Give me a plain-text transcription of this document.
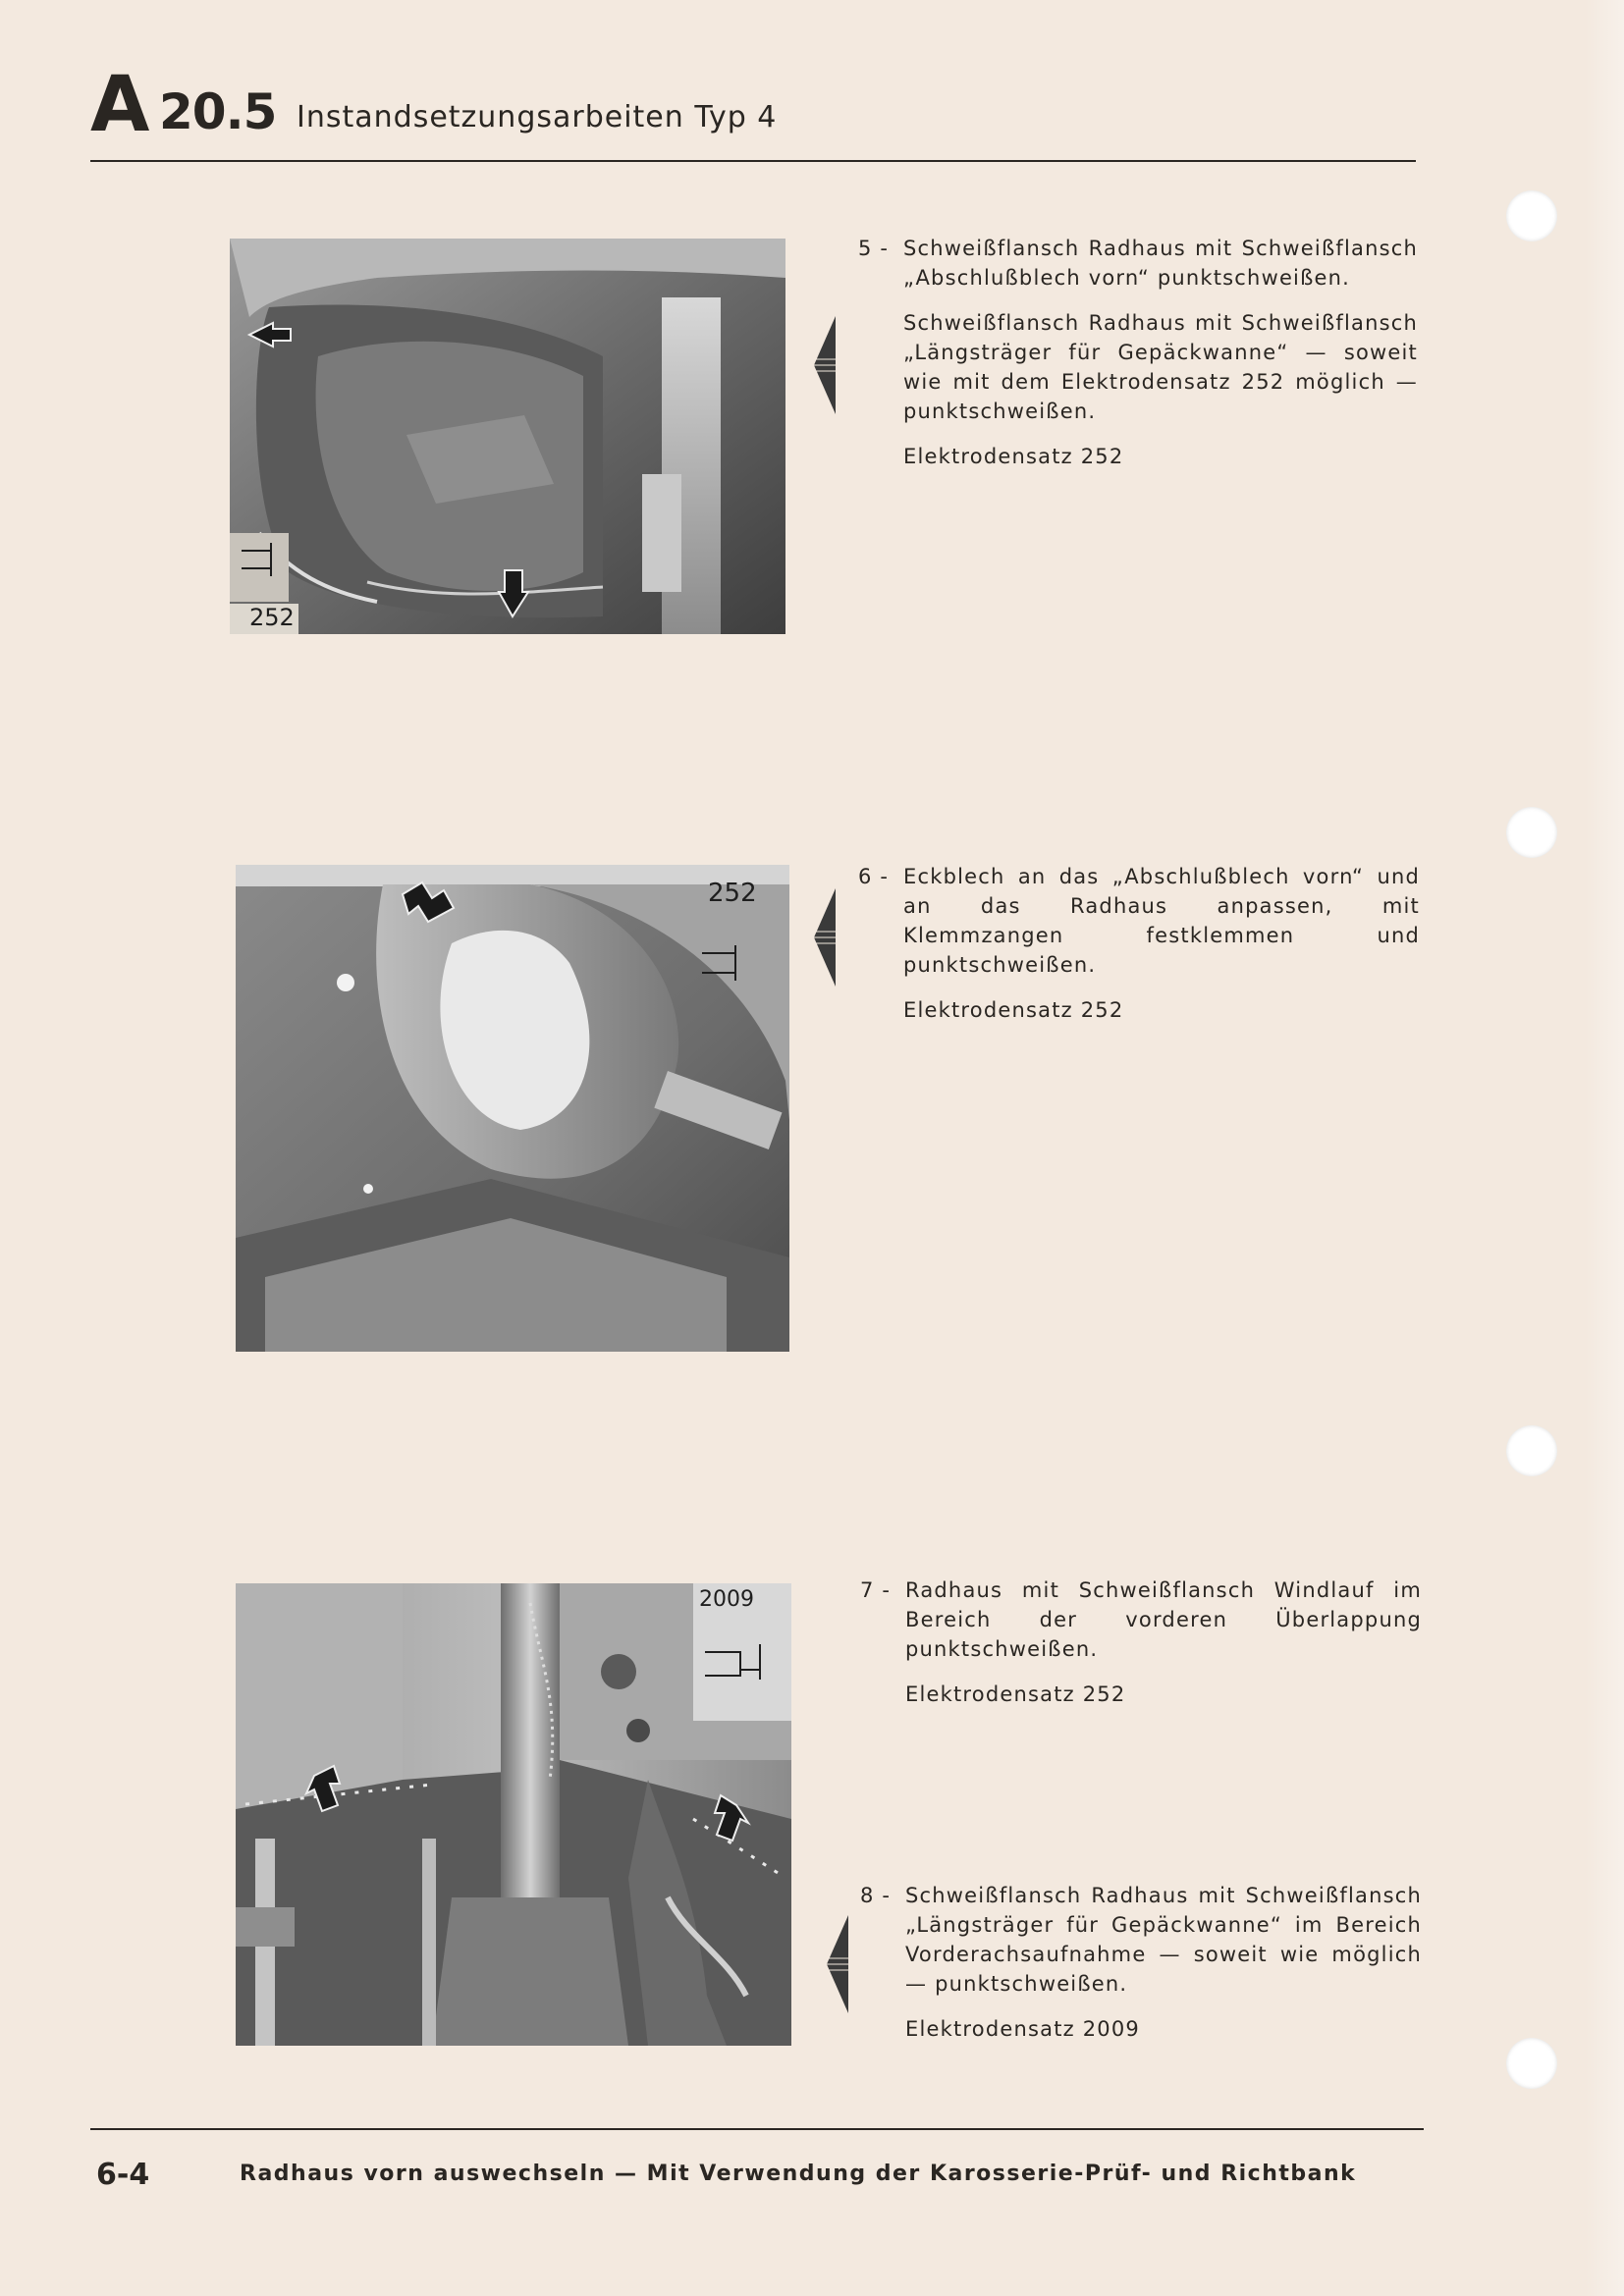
A 20.5 Instandsetzungsarbeiten Typ 4
252
5 - Schweißflansch Radhaus mit Schweißflansch „Abschlußblech vorn“ punktschweißen.

Schweißflansch Radhaus mit Schweißflansch „Längsträger für Gepäckwanne“ — soweit wie mit dem Elektrodensatz 252 möglich — punktschweißen.

Elektrodensatz 252

252
6 - Eckblech an das „Abschlußblech vorn“ und an das Radhaus anpassen, mit Klemmzangen festklemmen und punktschweißen.

Elektrodensatz 252

2009	7 - Radhaus mit Schweißflansch Windlauf im Bereich der vorderen Überlappung punktschweißen.

Elektrodensatz 252

8 - Schweißflansch Radhaus mit Schweißflansch „Längsträger für Gepäckwanne“ im Bereich Vorderachsaufnahme — soweit wie möglich — punktschweißen.

Elektrodensatz 2009

6-4	Radhaus vorn auswechseln — Mit Verwendung der Karosserie-Prüf- und Richtbank
